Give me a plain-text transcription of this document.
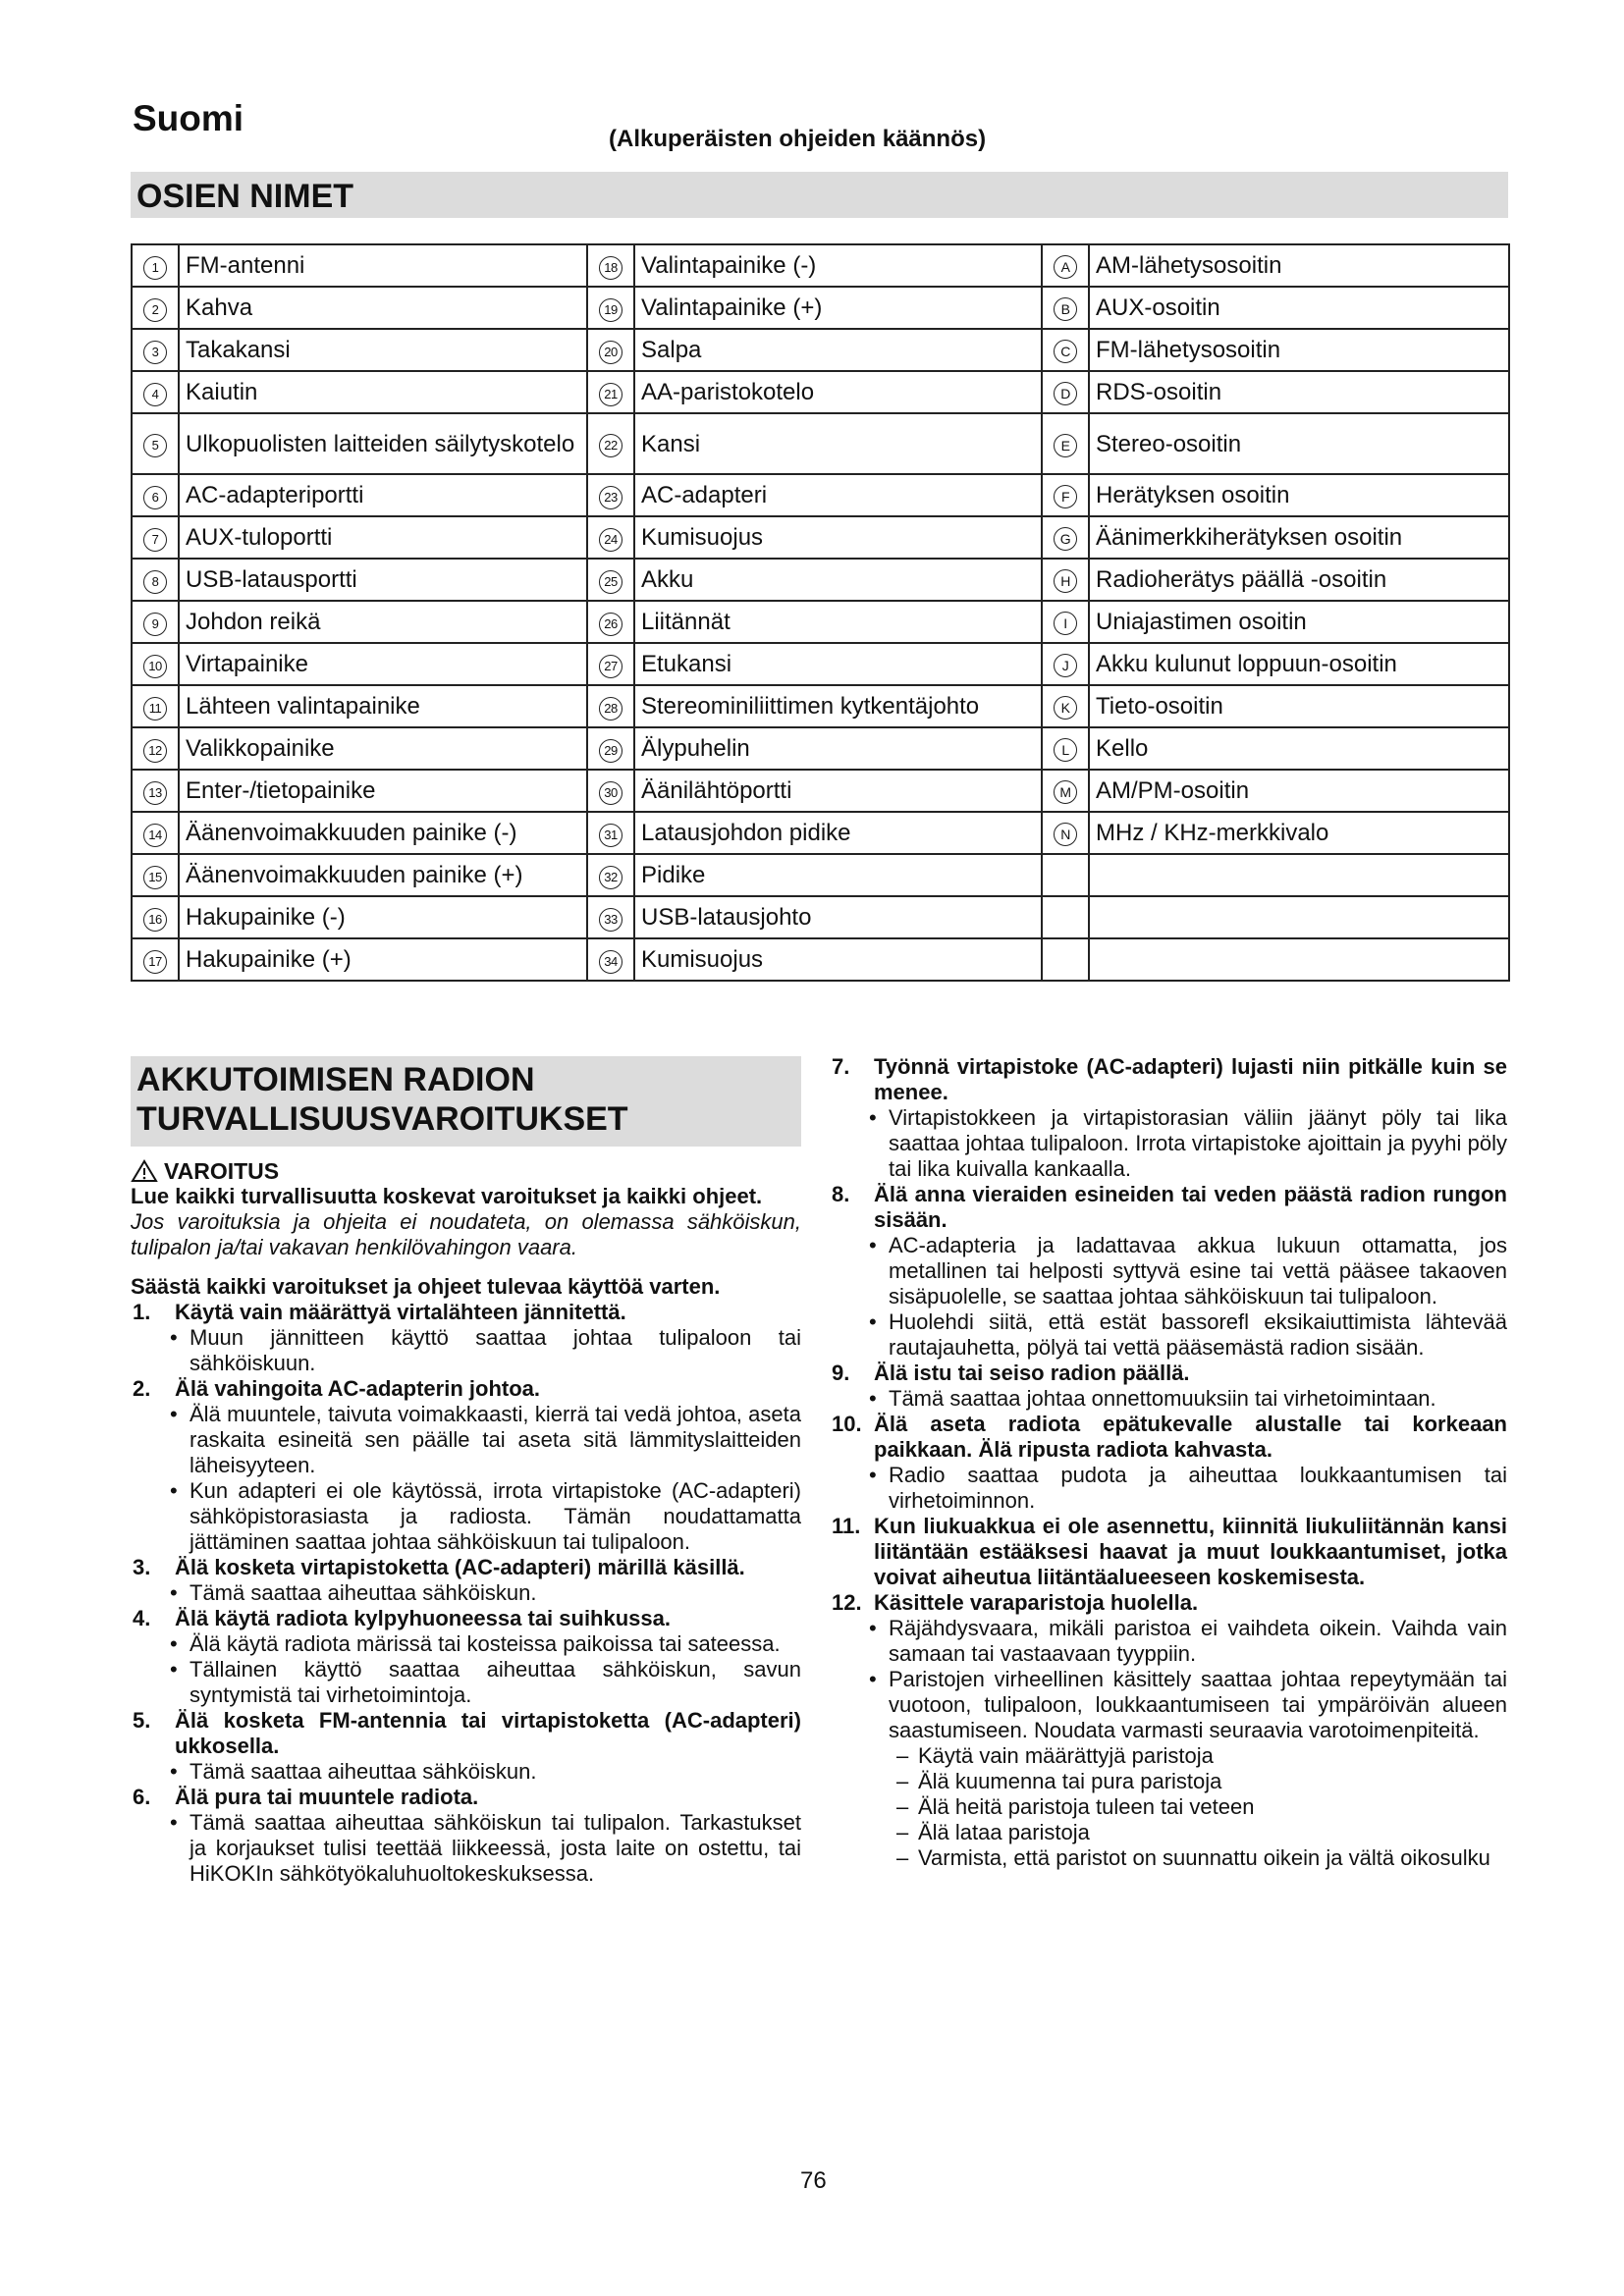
Suomi
(Alkuperäisten ohjeiden käännös)
OSIEN NIMET
1	FM-antenni	18	Valintapainike (-)	A	AM-lähetysosoitin
2	Kahva	19	Valintapainike (+)	B	AUX-osoitin
3	Takakansi	20	Salpa	C	FM-lähetysosoitin
4	Kaiutin	21	AA-paristokotelo	D	RDS-osoitin
5	Ulkopuolisten laitteiden säilytyskotelo	22	Kansi	E	Stereo-osoitin
6	AC-adapteriportti	23	AC-adapteri	F	Herätyksen osoitin
7	AUX-tuloportti	24	Kumisuojus	G	Äänimerkkiherätyksen osoitin
8	USB-latausportti	25	Akku	H	Radioherätys päällä -osoitin
9	Johdon reikä	26	Liitännät	I	Uniajastimen osoitin
10	Virtapainike	27	Etukansi	J	Akku kulunut loppuun-osoitin
11	Lähteen valintapainike	28	Stereominiliittimen kytkentäjohto	K	Tieto-osoitin
12	Valikkopainike	29	Älypuhelin	L	Kello
13	Enter-/tietopainike	30	Äänilähtöportti	M	AM/PM-osoitin
14	Äänenvoimakkuuden painike (-)	31	Latausjohdon pidike	N	MHz / KHz-merkkivalo
15	Äänenvoimakkuuden painike (+)	32	Pidike		
16	Hakupainike (-)	33	USB-latausjohto		
17	Hakupainike (+)	34	Kumisuojus		
AKKUTOIMISEN RADION
TURVALLISUUSVAROITUKSET
VAROITUS

Lue kaikki turvallisuutta koskevat varoitukset ja kaikki ohjeet.

Jos varoituksia ja ohjeita ei noudateta, on olemassa sähköiskun, tulipalon ja/tai vakavan henkilövahingon vaara.

Säästä kaikki varoitukset ja ohjeet tulevaa käyttöä varten.

1. Käytä vain määrättyä virtalähteen jännitettä.

• Muun jännitteen käyttö saattaa johtaa tulipaloon tai sähköiskuun.

2. Älä vahingoita AC-adapterin johtoa.

• Älä muuntele, taivuta voimakkaasti, kierrä tai vedä johtoa, aseta raskaita esineitä sen päälle tai aseta sitä lämmityslaitteiden läheisyyteen.

• Kun adapteri ei ole käytössä, irrota virtapistoke (AC-adapteri) sähköpistorasiasta ja radiosta. Tämän noudattamatta jättäminen saattaa johtaa sähköiskuun tai tulipaloon.

3. Älä kosketa virtapistoketta (AC-adapteri) märillä käsillä.

• Tämä saattaa aiheuttaa sähköiskun.

4. Älä käytä radiota kylpyhuoneessa tai suihkussa.

• Älä käytä radiota märissä tai kosteissa paikoissa tai sateessa.

• Tällainen käyttö saattaa aiheuttaa sähköiskun, savun syntymistä tai virhetoimintoja.

5. Älä kosketa FM-antennia tai virtapistoketta (AC-adapteri) ukkosella.

• Tämä saattaa aiheuttaa sähköiskun.

6. Älä pura tai muuntele radiota.

• Tämä saattaa aiheuttaa sähköiskun tai tulipalon. Tarkastukset ja korjaukset tulisi teettää liikkeessä, josta laite on ostettu, tai HiKOKIn sähkötyökaluhuoltokeskuksessa.

7. Työnnä virtapistoke (AC-adapteri) lujasti niin pitkälle kuin se menee.

• Virtapistokkeen ja virtapistorasian väliin jäänyt pöly tai lika saattaa johtaa tulipaloon. Irrota virtapistoke ajoittain ja pyyhi pöly tai lika kuivalla kankaalla.

8. Älä anna vieraiden esineiden tai veden päästä radion rungon sisään.

• AC-adapteria ja ladattavaa akkua lukuun ottamatta, jos metallinen tai helposti syttyvä esine tai vettä pääsee takaoven sisäpuolelle, se saattaa johtaa sähköiskuun tai tulipaloon.

• Huolehdi siitä, että estät bassorefl eksikaiuttimista lähtevää rautajauhetta, pölyä tai vettä pääsemästä radion sisään.

9. Älä istu tai seiso radion päällä.

• Tämä saattaa johtaa onnettomuuksiin tai virhetoimintaan.

10. Älä aseta radiota epätukevalle alustalle tai korkeaan paikkaan. Älä ripusta radiota kahvasta.

• Radio saattaa pudota ja aiheuttaa loukkaantumisen tai virhetoiminnon.

11. Kun liukuakkua ei ole asennettu, kiinnitä liukuliitännän kansi liitäntään estääksesi haavat ja muut loukkaantumiset, jotka voivat aiheutua liitäntäalueeseen koskemisesta.

12. Käsittele varaparistoja huolella.

• Räjähdysvaara, mikäli paristoa ei vaihdeta oikein. Vaihda vain samaan tai vastaavaan tyyppiin.

• Paristojen virheellinen käsittely saattaa johtaa repeytymään tai vuotoon, tulipaloon, loukkaantumiseen tai ympäröivän alueen saastumiseen. Noudata varmasti seuraavia varotoimenpiteitä.

– Käytä vain määrättyjä paristoja

– Älä kuumenna tai pura paristoja

– Älä heitä paristoja tuleen tai veteen

– Älä lataa paristoja

– Varmista, että paristot on suunnattu oikein ja vältä oikosulku

76
